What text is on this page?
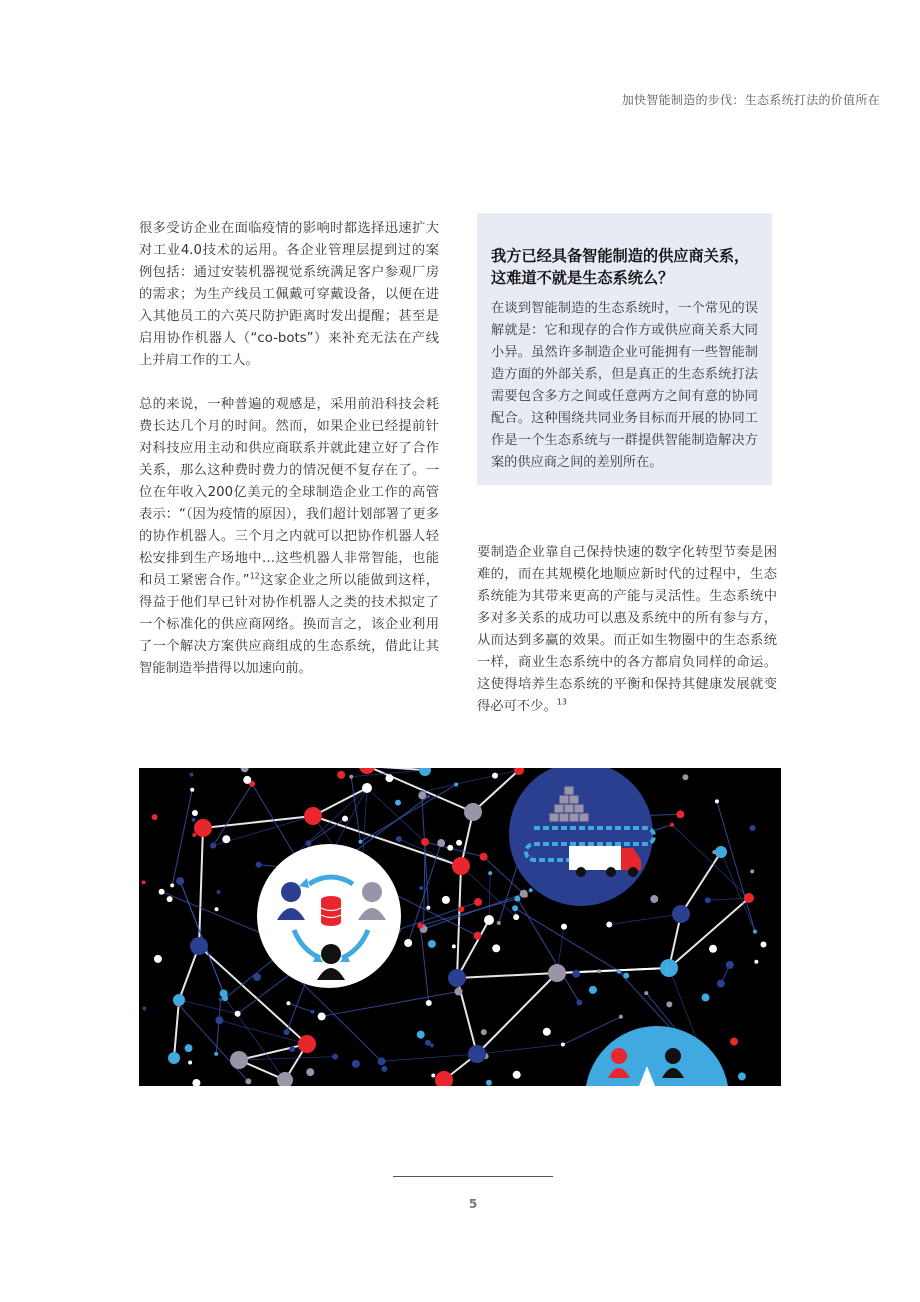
加快智能制造的步伐：生态系统打法的价值所在

很多受访企业在面临疫情的影响时都选择迅速扩大对工业4.0技术的运用。各企业管理层提到过的案例包括：通过安装机器视觉系统满足客户参观厂房的需求；为生产线员工佩戴可穿戴设备，以便在进入其他员工的六英尺防护距离时发出提醒；甚至是启用协作机器人（“co-bots”）来补充无法在产线上并肩工作的工人。

总的来说，一种普遍的观感是，采用前沿科技会耗费长达几个月的时间。然而，如果企业已经提前针对科技应用主动和供应商联系并就此建立好了合作关系，那么这种费时费力的情况便不复存在了。一位在年收入200亿美元的全球制造企业工作的高管表示：“（因为疫情的原因），我们超计划部署了更多的协作机器人。三个月之内就可以把协作机器人轻松安排到生产场地中…这些机器人非常智能，也能和员工紧密合作。”$^{12}$这家企业之所以能做到这样，得益于他们早已针对协作机器人之类的技术拟定了一个标准化的供应商网络。换而言之，该企业利用了一个解决方案供应商组成的生态系统，借此让其智能制造举措得以加速向前。

我方已经具备智能制造的供应商关系，这难道不就是生态系统么？

在谈到智能制造的生态系统时，一个常见的误解就是：它和现存的合作方或供应商关系大同小异。虽然许多制造企业可能拥有一些智能制造方面的外部关系，但是真正的生态系统打法需要包含多方之间或任意两方之间有意的协同配合。这种围绕共同业务目标而开展的协同工作是一个生态系统与一群提供智能制造解决方案的供应商之间的差别所在。

要制造企业靠自己保持快速的数字化转型节奏是困难的，而在其规模化地顺应新时代的过程中，生态系统能为其带来更高的产能与灵活性。生态系统中多对多关系的成功可以惠及系统中的所有参与方，从而达到多赢的效果。而正如生物圈中的生态系统一样，商业生态系统中的各方都肩负同样的命运。这使得培养生态系统的平衡和保持其健康发展就变得必可不少。$^{13}$

5
